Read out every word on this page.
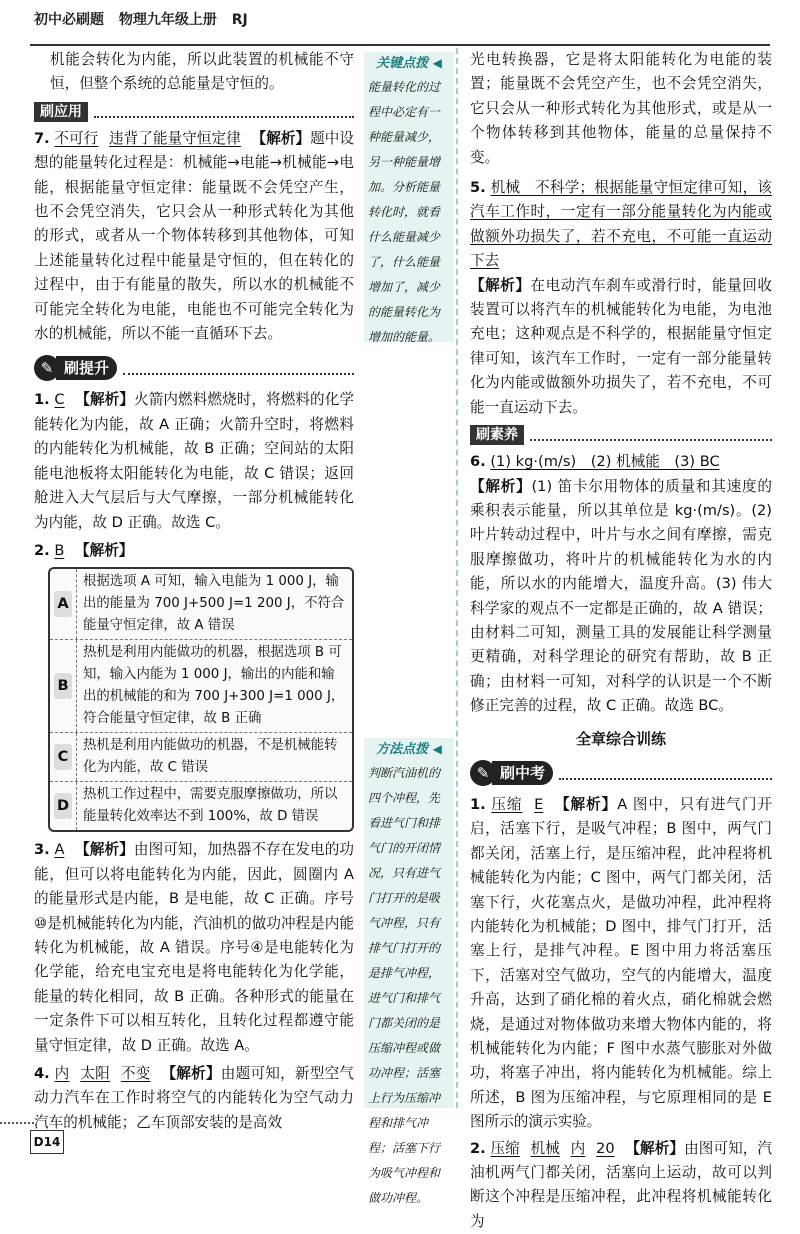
初中必刷题 物理九年级上册 RJ

机能会转化为内能，所以此装置的机械能不守恒，但整个系统的总能量是守恒的。

刷应用

7. 不可行 违背了能量守恒定律 【解析】题中设想的能量转化过程是：机械能→电能→机械能→电能，根据能量守恒定律：能量既不会凭空产生，也不会凭空消失，它只会从一种形式转化为其他的形式，或者从一个物体转移到其他物体，可知上述能量转化过程中能量是守恒的，但在转化的过程中，由于有能量的散失，所以水的机械能不可能完全转化为电能，电能也不可能完全转化为水的机械能，所以不能一直循环下去。

✎ 刷提升

1. C 【解析】火箭内燃料燃烧时，将燃料的化学能转化为内能，故 A 正确；火箭升空时，将燃料的内能转化为机械能，故 B 正确；空间站的太阳能电池板将太阳能转化为电能，故 C 错误；返回舱进入大气层后与大气摩擦，一部分机械能转化为内能，故 D 正确。故选 C。

2. B 【解析】

A
根据选项 A 可知，输入电能为 1 000 J，输出的能量为 700 J+500 J=1 200 J，不符合能量守恒定律，故 A 错误
B
热机是利用内能做功的机器，根据选项 B 可知，输入内能为 1 000 J，输出的内能和输出的机械能的和为 700 J+300 J=1 000 J，符合能量守恒定律，故 B 正确
C
热机是利用内能做功的机器，不是机械能转化为内能，故 C 错误
D
热机工作过程中，需要克服摩擦做功，所以能量转化效率达不到 100%，故 D 错误

3. A 【解析】由图可知，加热器不存在发电的功能，但可以将电能转化为内能，因此，圆圈内 A 的能量形式是内能，B 是电能，故 C 正确。序号⑩是机械能转化为内能，汽油机的做功冲程是内能转化为机械能，故 A 错误。序号④是电能转化为化学能，给充电宝充电是将电能转化为化学能，能量的转化相同，故 B 正确。各种形式的能量在一定条件下可以相互转化，且转化过程都遵守能量守恒定律，故 D 正确。故选 A。

4. 内 太阳 不变 【解析】由题可知，新型空气动力汽车在工作时将空气的内能转化为空气动力汽车的机械能；乙车顶部安装的是高效

关键点拨 ◀
能量转化的过程中必定有一种能量减少，另一种能量增加。分析能量转化时，就看什么能量减少了，什么能量增加了，减少的能量转化为增加的能量。
方法点拨 ◀
判断汽油机的四个冲程，先看进气门和排气门的开闭情况，只有进气门打开的是吸气冲程，只有排气门打开的是排气冲程，进气门和排气门都关闭的是压缩冲程或做功冲程；活塞上行为压缩冲程和排气冲程；活塞下行为吸气冲程和做功冲程。

光电转换器，它是将太阳能转化为电能的装置；能量既不会凭空产生，也不会凭空消失，它只会从一种形式转化为其他形式，或是从一个物体转移到其他物体，能量的总量保持不变。

5. 机械　不科学；根据能量守恒定律可知，该汽车工作时，一定有一部分能量转化为内能或做额外功损失了，若不充电，不可能一直运动下去

【解析】在电动汽车刹车或滑行时，能量回收装置可以将汽车的机械能转化为电能，为电池充电；这种观点是不科学的，根据能量守恒定律可知，该汽车工作时，一定有一部分能量转化为内能或做额外功损失了，若不充电，不可能一直运动下去。

刷素养

6. (1) kg·(m/s)　(2) 机械能　(3) BC

【解析】(1) 笛卡尔用物体的质量和其速度的乘积表示能量，所以其单位是 kg·(m/s)。(2) 叶片转动过程中，叶片与水之间有摩擦，需克服摩擦做功，将叶片的机械能转化为水的内能，所以水的内能增大，温度升高。(3) 伟大科学家的观点不一定都是正确的，故 A 错误；由材料二可知，测量工具的发展能让科学测量更精确，对科学理论的研究有帮助，故 B 正确；由材料一可知，对科学的认识是一个不断修正完善的过程，故 C 正确。故选 BC。

全章综合训练
✎ 刷中考

1. 压缩 E 【解析】A 图中，只有进气门开启，活塞下行，是吸气冲程；B 图中，两气门都关闭，活塞上行，是压缩冲程，此冲程将机械能转化为内能；C 图中，两气门都关闭，活塞下行，火花塞点火，是做功冲程，此冲程将内能转化为机械能；D 图中，排气门打开，活塞上行，是排气冲程。E 图中用力将活塞压下，活塞对空气做功，空气的内能增大，温度升高，达到了硝化棉的着火点，硝化棉就会燃烧，是通过对物体做功来增大物体内能的，将机械能转化为内能；F 图中水蒸气膨胀对外做功，将塞子冲出，将内能转化为机械能。综上所述，B 图为压缩冲程，与它原理相同的是 E 图所示的演示实验。

2. 压缩 机械 内 20 【解析】由图可知，汽油机两气门都关闭，活塞向上运动，故可以判断这个冲程是压缩冲程，此冲程将机械能转化为

D14
